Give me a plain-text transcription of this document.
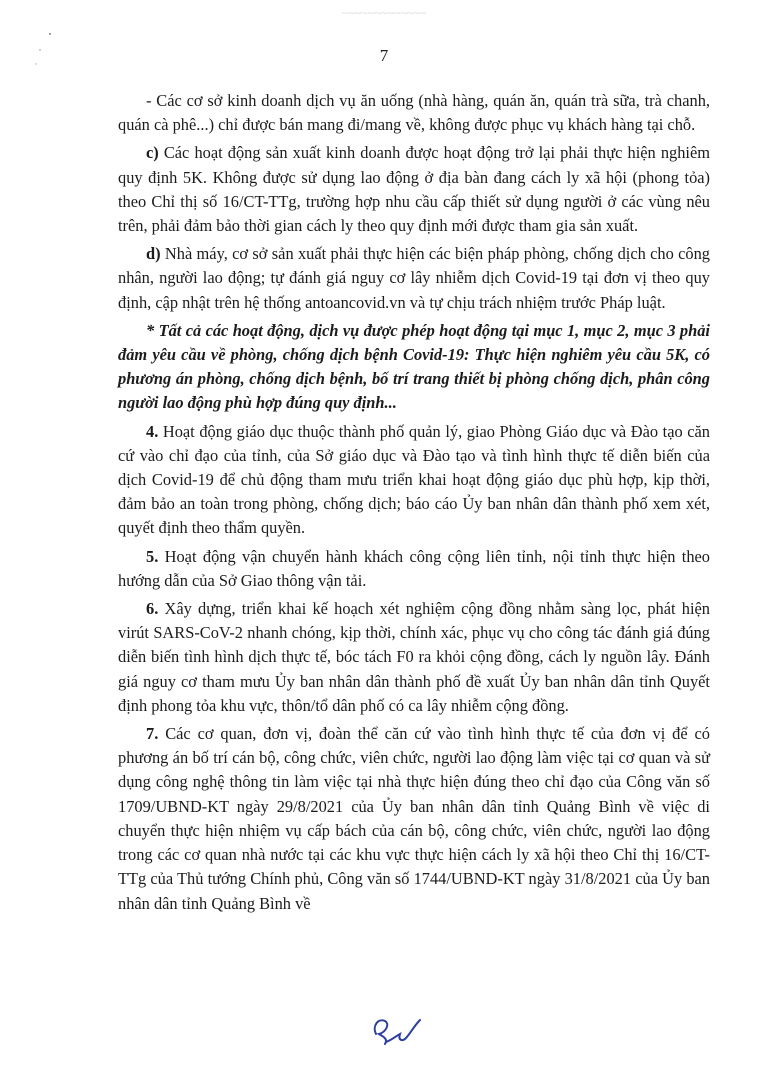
~~~~~~~~~~~~~
7

- Các cơ sở kinh doanh dịch vụ ăn uống (nhà hàng, quán ăn, quán trà sữa, trà chanh, quán cà phê...) chỉ được bán mang đi/mang về, không được phục vụ khách hàng tại chỗ.

c) Các hoạt động sản xuất kinh doanh được hoạt động trở lại phải thực hiện nghiêm quy định 5K. Không được sử dụng lao động ở địa bàn đang cách ly xã hội (phong tỏa) theo Chỉ thị số 16/CT-TTg, trường hợp nhu cầu cấp thiết sử dụng người ở các vùng nêu trên, phải đảm bảo thời gian cách ly theo quy định mới được tham gia sản xuất.

d) Nhà máy, cơ sở sản xuất phải thực hiện các biện pháp phòng, chống dịch cho công nhân, người lao động; tự đánh giá nguy cơ lây nhiễm dịch Covid-19 tại đơn vị theo quy định, cập nhật trên hệ thống antoancovid.vn và tự chịu trách nhiệm trước Pháp luật.

* Tất cả các hoạt động, dịch vụ được phép hoạt động tại mục 1, mục 2, mục 3 phải đảm yêu cầu về phòng, chống dịch bệnh Covid-19: Thực hiện nghiêm yêu cầu 5K, có phương án phòng, chống dịch bệnh, bố trí trang thiết bị phòng chống dịch, phân công người lao động phù hợp đúng quy định...

4. Hoạt động giáo dục thuộc thành phố quản lý, giao Phòng Giáo dục và Đào tạo căn cứ vào chỉ đạo của tỉnh, của Sở giáo dục và Đào tạo và tình hình thực tế diễn biến của dịch Covid-19 để chủ động tham mưu triển khai hoạt động giáo dục phù hợp, kịp thời, đảm bảo an toàn trong phòng, chống dịch; báo cáo Ủy ban nhân dân thành phố xem xét, quyết định theo thẩm quyền.

5. Hoạt động vận chuyển hành khách công cộng liên tỉnh, nội tỉnh thực hiện theo hướng dẫn của Sở Giao thông vận tải.

6. Xây dựng, triển khai kế hoạch xét nghiệm cộng đồng nhằm sàng lọc, phát hiện virút SARS-CoV-2 nhanh chóng, kịp thời, chính xác, phục vụ cho công tác đánh giá đúng diễn biến tình hình dịch thực tế, bóc tách F0 ra khỏi cộng đồng, cách ly nguồn lây. Đánh giá nguy cơ tham mưu Ủy ban nhân dân thành phố đề xuất Ủy ban nhân dân tỉnh Quyết định phong tỏa khu vực, thôn/tổ dân phố có ca lây nhiễm cộng đồng.

7. Các cơ quan, đơn vị, đoàn thể căn cứ vào tình hình thực tế của đơn vị để có phương án bố trí cán bộ, công chức, viên chức, người lao động làm việc tại cơ quan và sử dụng công nghệ thông tin làm việc tại nhà thực hiện đúng theo chỉ đạo của Công văn số 1709/UBND-KT ngày 29/8/2021 của Ủy ban nhân dân tỉnh Quảng Bình về việc di chuyển thực hiện nhiệm vụ cấp bách của cán bộ, công chức, viên chức, người lao động trong các cơ quan nhà nước tại các khu vực thực hiện cách ly xã hội theo Chỉ thị 16/CT-TTg của Thủ tướng Chính phủ, Công văn số 1744/UBND-KT ngày 31/8/2021 của Ủy ban nhân dân tỉnh Quảng Bình về
